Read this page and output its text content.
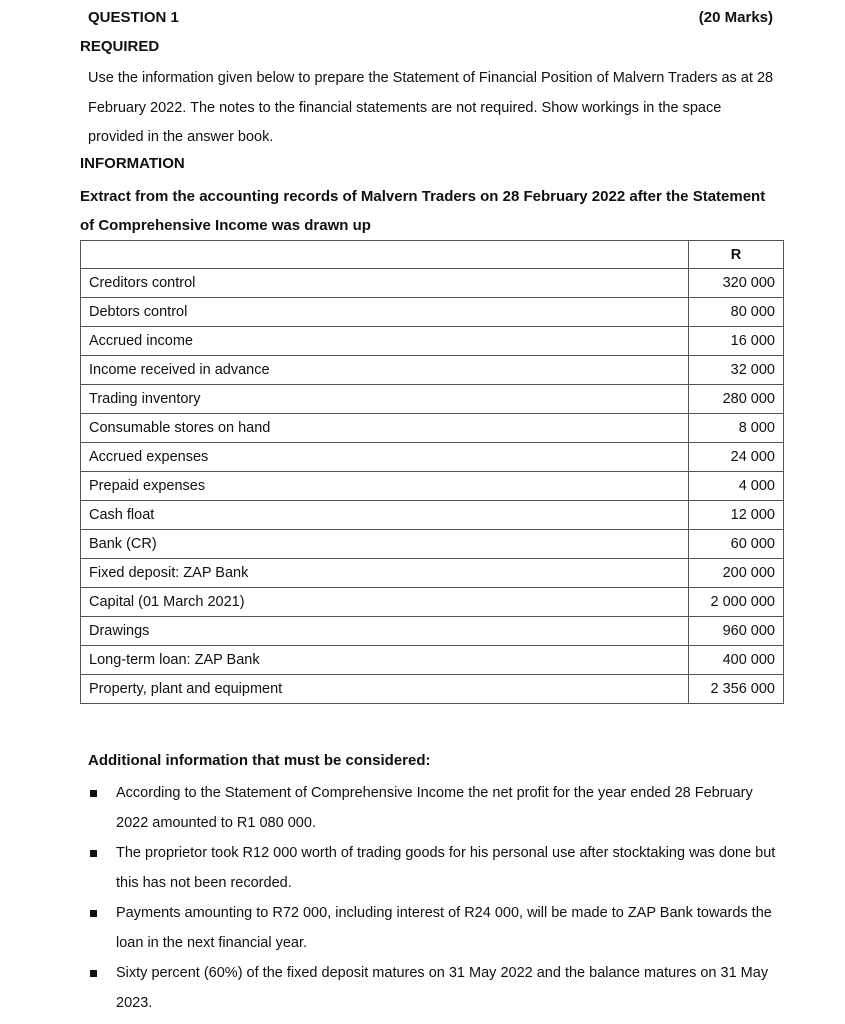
QUESTION 1	(20 Marks)
REQUIRED
Use the information given below to prepare the Statement of Financial Position of Malvern Traders as at 28 February 2022. The notes to the financial statements are not required. Show workings in the space provided in the answer book.
INFORMATION
Extract from the accounting records of Malvern Traders on 28 February 2022 after the Statement of Comprehensive Income was drawn up
	R
Creditors control	320 000
Debtors control	80 000
Accrued income	16 000
Income received in advance	32 000
Trading inventory	280 000
Consumable stores on hand	8 000
Accrued expenses	24 000
Prepaid expenses	4 000
Cash float	12 000
Bank (CR)	60 000
Fixed deposit: ZAP Bank	200 000
Capital (01 March 2021)	2 000 000
Drawings	960 000
Long-term loan: ZAP Bank	400 000
Property, plant and equipment	2 356 000
Additional information that must be considered:
According to the Statement of Comprehensive Income the net profit for the year ended 28 February 2022 amounted to R1 080 000.
The proprietor took R12 000 worth of trading goods for his personal use after stocktaking was done but this has not been recorded.
Payments amounting to R72 000, including interest of R24 000, will be made to ZAP Bank towards the loan in the next financial year.
Sixty percent (60%) of the fixed deposit matures on 31 May 2022 and the balance matures on 31 May 2023.
